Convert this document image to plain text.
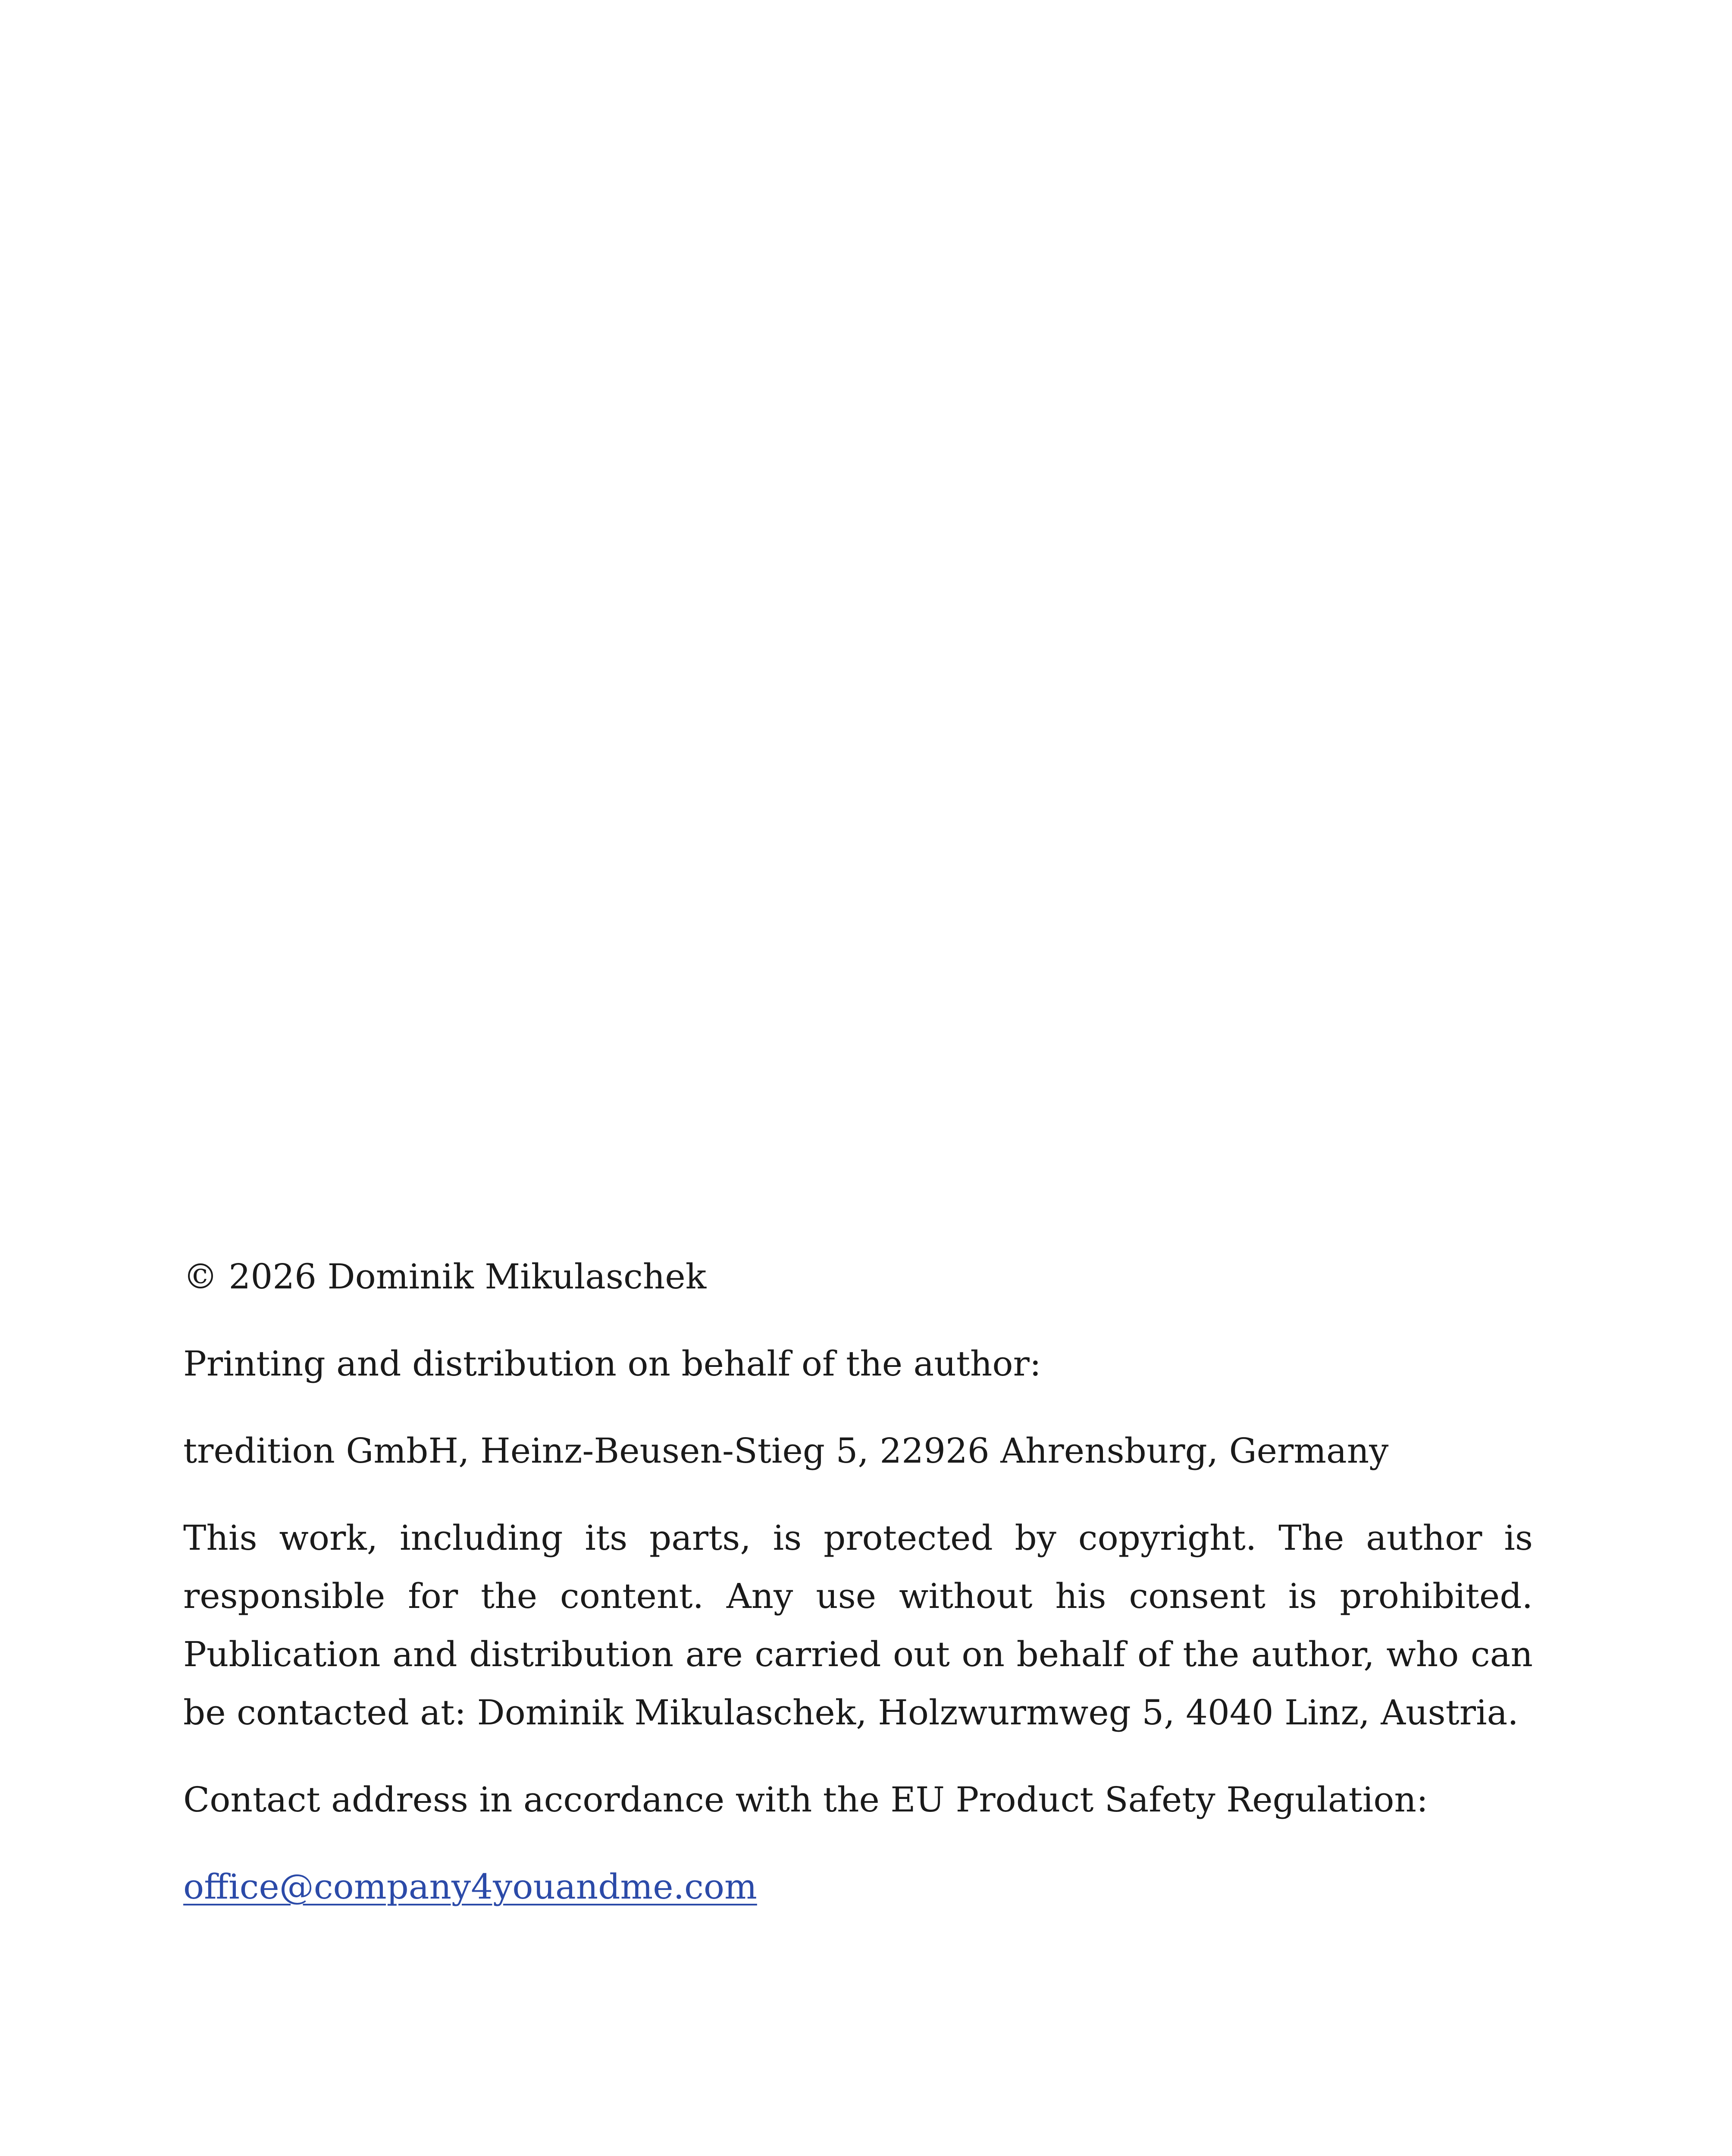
© 2026 Dominik Mikulaschek

Printing and distribution on behalf of the author:

tredition GmbH, Heinz-Beusen-Stieg 5, 22926 Ahrensburg, Germany

This work, including its parts, is protected by copyright. The author is responsible for the content. Any use without his consent is prohibited. Publication and distribution are carried out on behalf of the author, who can be contacted at: Dominik Mikulaschek, Holzwurmweg 5, 4040 Linz, Austria.

Contact address in accordance with the EU Product Safety Regulation:

office@company4youandme.com
